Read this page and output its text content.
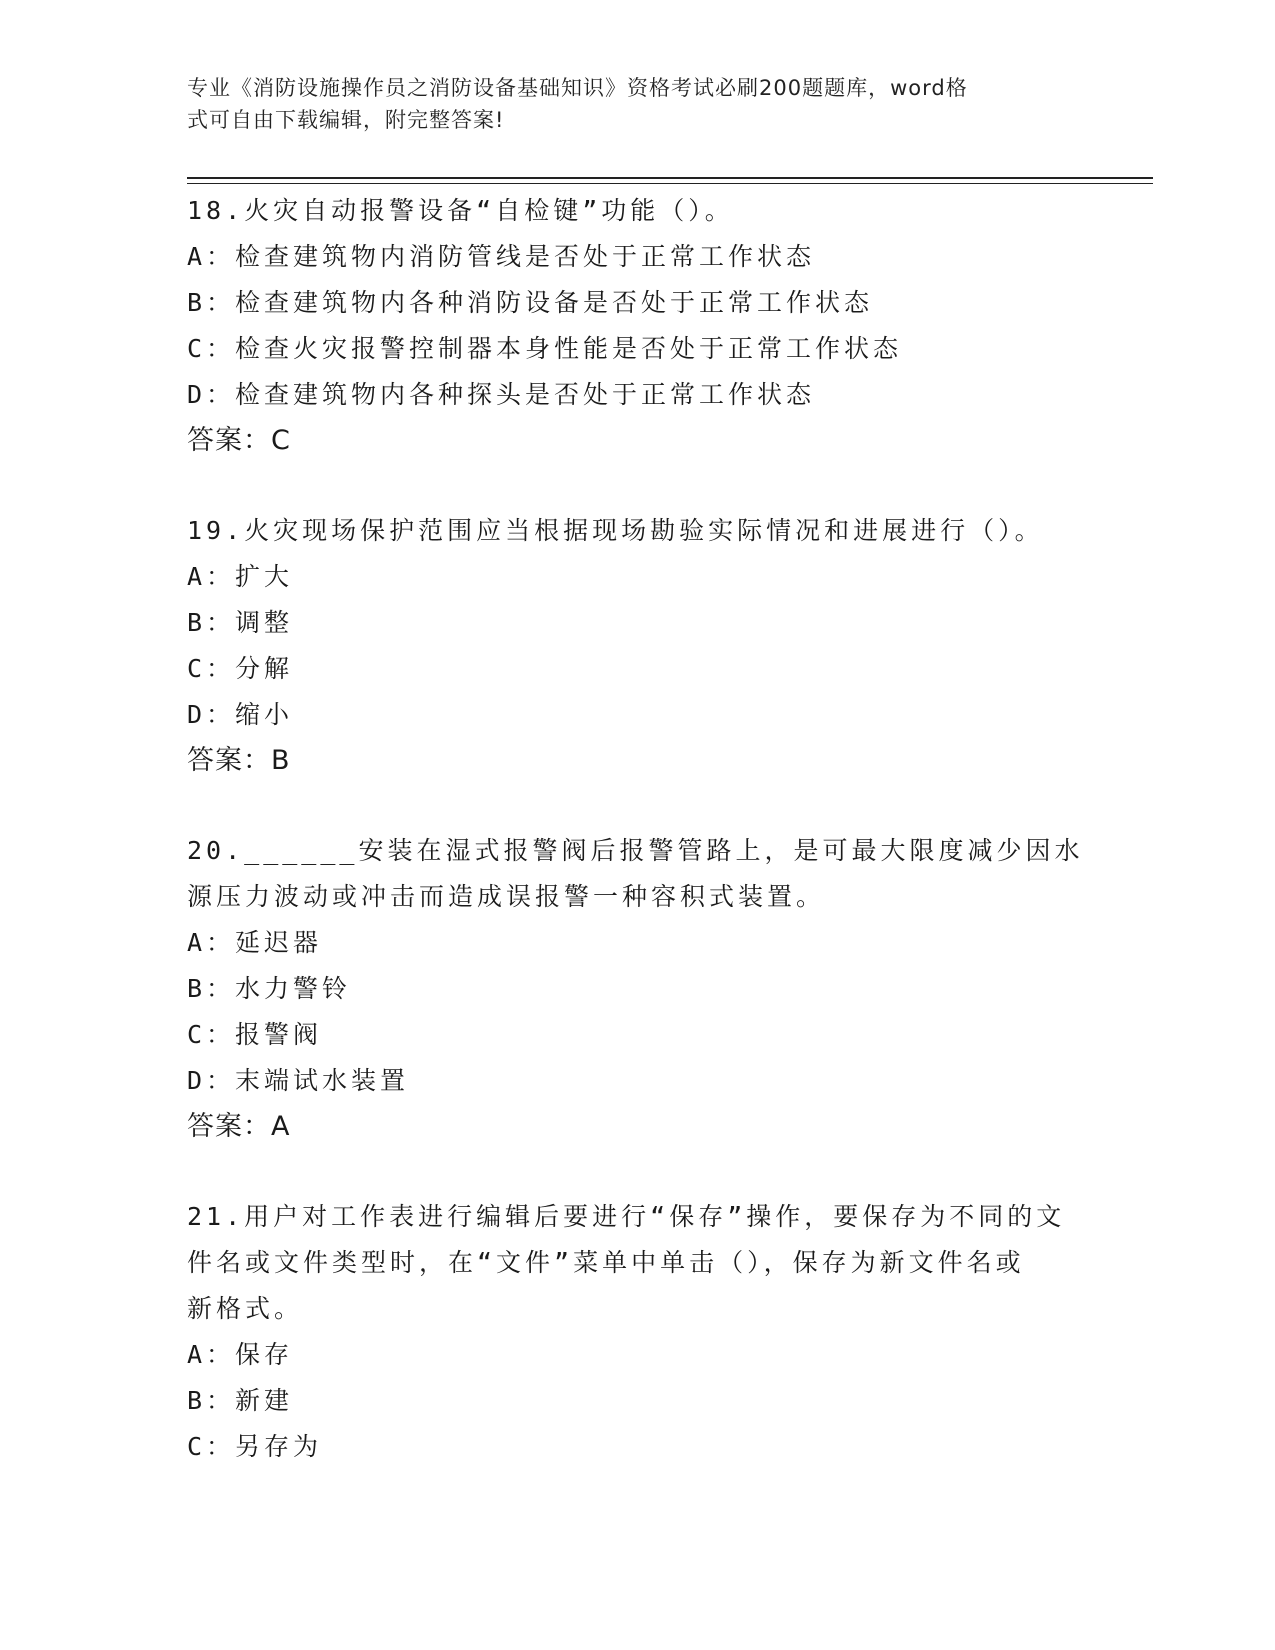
专业《消防设施操作员之消防设备基础知识》资格考试必刷200题题库，word格
式可自由下载编辑，附完整答案!

18.火灾自动报警设备“自检键”功能（）。

A：检查建筑物内消防管线是否处于正常工作状态

B：检查建筑物内各种消防设备是否处于正常工作状态

C：检查火灾报警控制器本身性能是否处于正常工作状态

D：检查建筑物内各种探头是否处于正常工作状态

答案：C

19.火灾现场保护范围应当根据现场勘验实际情况和进展进行（）。

A：扩大

B：调整

C：分解

D：缩小

答案：B

20.______安装在湿式报警阀后报警管路上，是可最大限度减少因水

源压力波动或冲击而造成误报警一种容积式装置。

A：延迟器

B：水力警铃

C：报警阀

D：末端试水装置

答案：A

21.用户对工作表进行编辑后要进行“保存”操作，要保存为不同的文

件名或文件类型时，在“文件”菜单中单击（），保存为新文件名或

新格式。

A：保存

B：新建

C：另存为
